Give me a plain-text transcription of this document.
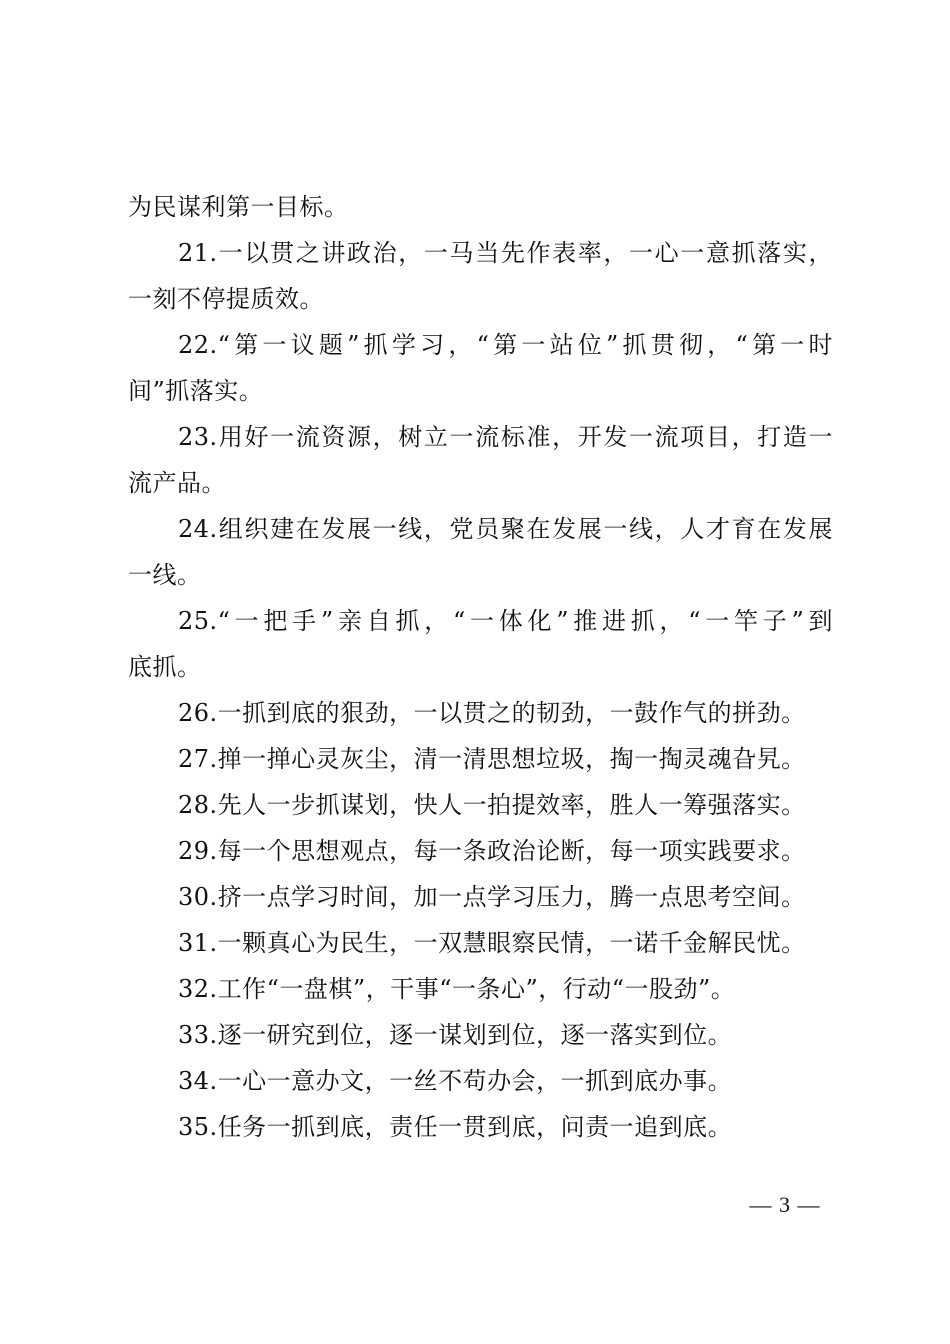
为民谋利第一目标。
21.一以贯之讲政治，一马当先作表率，一心一意抓落实，
一刻不停提质效。
22.“第一议题”抓学习，“第一站位”抓贯彻，“第一时
间”抓落实。
23.用好一流资源，树立一流标准，开发一流项目，打造一
流产品。
24.组织建在发展一线，党员聚在发展一线，人才育在发展
一线。
25.“一把手”亲自抓，“一体化”推进抓，“一竿子”到
底抓。
26.一抓到底的狠劲，一以贯之的韧劲，一鼓作气的拼劲。
27.掸一掸心灵灰尘，清一清思想垃圾，掏一掏灵魂旮旯。
28.先人一步抓谋划，快人一拍提效率，胜人一筹强落实。
29.每一个思想观点，每一条政治论断，每一项实践要求。
30.挤一点学习时间，加一点学习压力，腾一点思考空间。
31.一颗真心为民生，一双慧眼察民情，一诺千金解民忧。
32.工作“一盘棋”，干事“一条心”，行动“一股劲”。
33.逐一研究到位，逐一谋划到位，逐一落实到位。
34.一心一意办文，一丝不苟办会，一抓到底办事。
35.任务一抓到底，责任一贯到底，问责一追到底。
— 3 —
